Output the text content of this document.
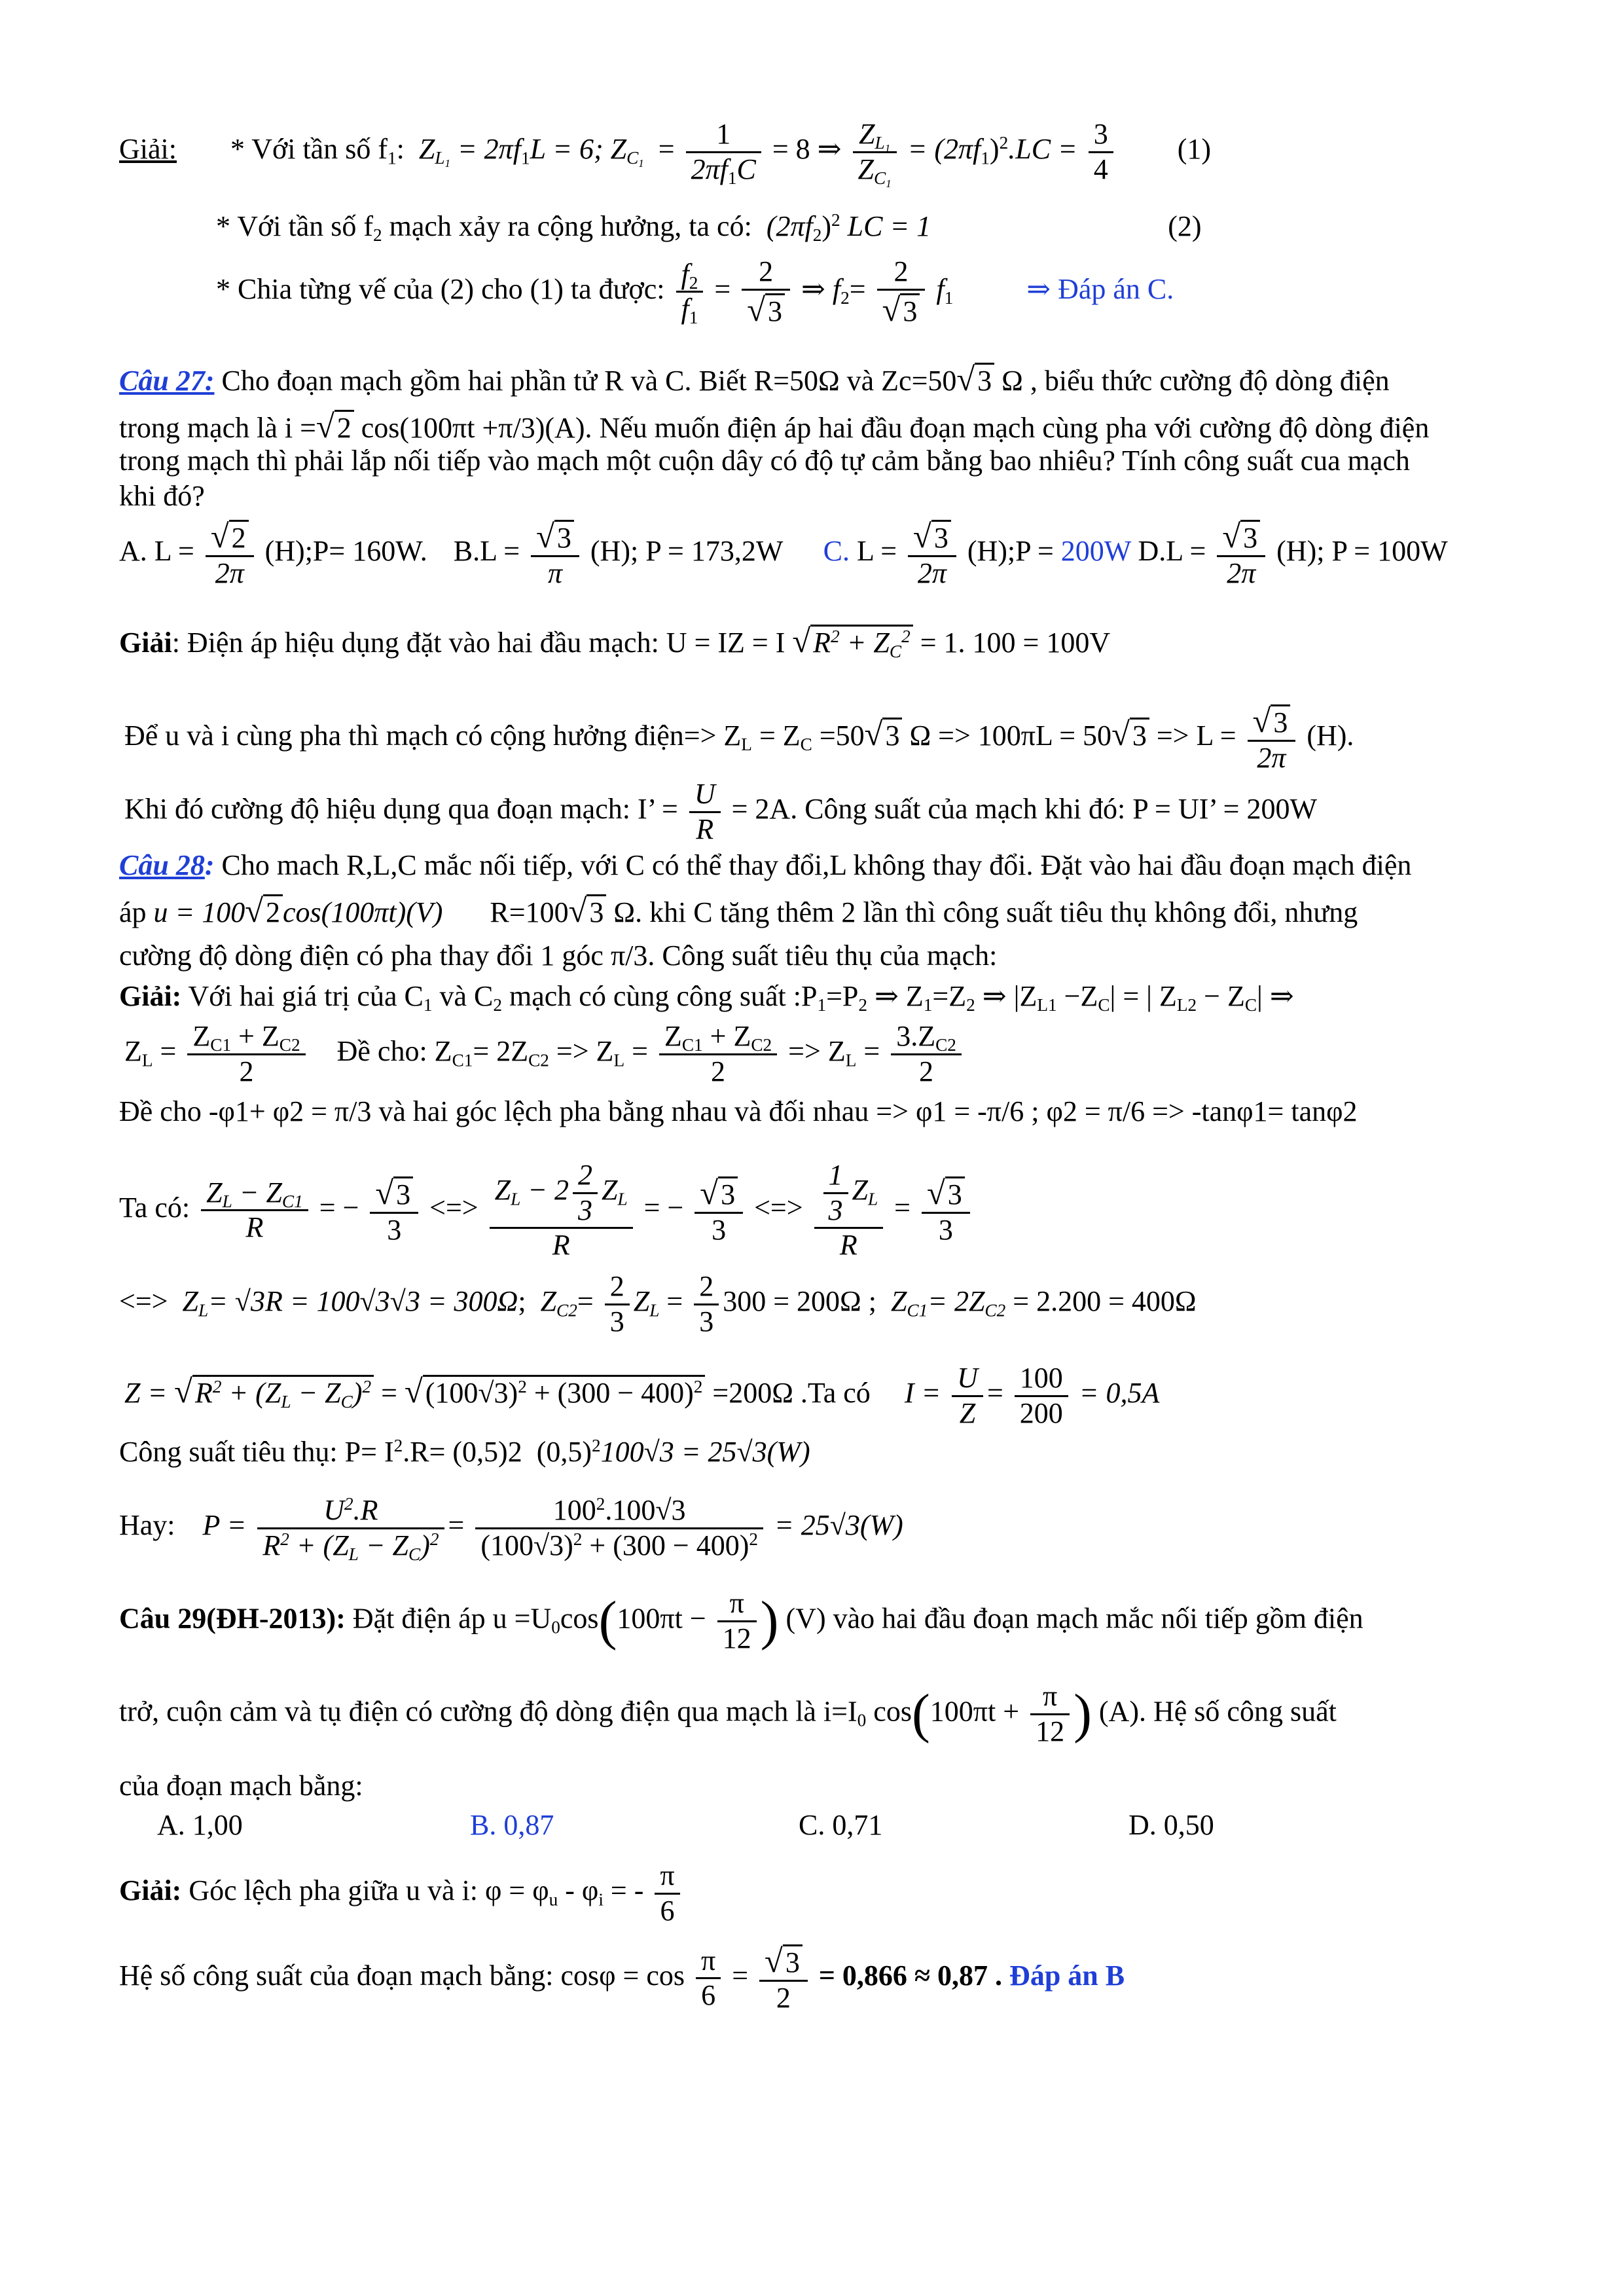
Giải: * Với tần số $f_1$:  $Z_{L_1} = 2\pi f_1L = 6$; $Z_{C_1} = \frac{1}{2\pi f_1C} = 8$ ⇒ $\frac{Z_{L_1}}{Z_{C_1}} = (2\pi f_1)^2.LC = \frac{3}{4} (1)$
* Với tần số $f_2$ mạch xảy ra cộng hưởng, ta có: $(2\pi f_2)^2$ LC = 1	(2)
* Chia từng vế của (2) cho (1) ta được: $\frac{f_2}{f_1} = \frac{2}{√3}$ ⇒ $f_2= \frac{2}{√3} f_1$	⇒ Đáp án C.
Câu 27: Cho đoạn mạch gồm hai phần tử R và C. Biết R=50Ω và Zc=50√3 Ω , biểu thức cường độ dòng điện
trong mạch là i =√2 cos(100πt +π/3)(A). Nếu muốn điện áp hai đầu đoạn mạch cùng pha với cường độ dòng điện
trong mạch thì phải lắp nối tiếp vào mạch một cuộn dây có độ tự cảm bằng bao nhiêu? Tính công suất cua mạch
khi đó?
A. $L = \frac{√2}{2\pi}$ (H);P= 160W. $B.L = \frac{√3}{\pi} (H)$; P = 173,2W C. $L = \frac{√3}{2\pi}$ (H);P = 200W $D.L = \frac{√3}{2\pi} (H)$; P = 100W
Giải: Điện áp hiệu dụng đặt vào hai đầu mạch: U = IZ = I $√R^2 + Z_C^2 = 1$. 100 = 100V
Để u và i cùng pha thì mạch có cộng hưởng điện=> $Z_L = Z_C =50√3$ $\Omega => 100\pi L = 50√3 => L = \frac{√3}{2\pi} (H)$.
Khi đó cường độ hiệu dụng qua đoạn mạch: I’ = $\frac{U}{R} = 2A$. Công suất của mạch khi đó: P = UI’ = 200W
Câu 28: Cho mach R,L,C mắc nối tiếp, với C có thể thay đổi,L không thay đổi. Đặt vào hai đầu đoạn mạch điện
áp u = 100√2cos(100πt)(V) R=100√3 Ω. khi C tăng thêm 2 lần thì công suất tiêu thụ không đổi, nhưng
cường độ dòng điện có pha thay đổi 1 góc π/3. Công suất tiêu thụ của mạch:
Giải: Với hai giá trị của $C_1$ và $C_2$ mạch có cùng công suất $:P_1=P_2$ ⇒ $Z_1=Z_2$ ⇒ $|Z_{L1} -Z_C|$ = | $Z_{L2} - Z_C|$ ⇒
$Z_L = \frac{Z_{C1} + Z_{C2}}{2}$ Đề cho: $Z_{C1}= 2Z_{C2} => Z_L = \frac{Z_{C1} + Z_{C2}}{2} => Z_L = \frac{3.Z_{C2}}{2}$
Đề cho -φ1+ φ2 = π/3 và hai góc lệch pha bằng nhau và đối nhau => φ1 = -π/6 ; φ2 = π/6 => -tanφ1= tanφ2
Ta có: $\frac{Z_L - Z_{C1}}{R}$ = − $\frac{√3}{3}$ <=> $\frac{Z_L - 2 \frac{2}{3} Z_L}{R}$ = − $\frac{√3}{3}$ <=> $\frac{\frac{1}{3} Z_L}{R} = \frac{√3}{3}$
<=>  $Z_L= √3R = 100√3√3 = 300\Omega$;  $Z_{C2}= \frac{2}{3} Z_L = \frac{2}{3} 300 = 200\Omega$ ;  $Z_{C1}= 2Z_{C2} = 2.200 = 400\Omega$
$Z = √R^2 + (Z_L - Z_C)^2 = √(100√3)^2 + (300 - 400)^2 =200\Omega$ .Ta có $I = \frac{U}{Z} = \frac{100}{200} = 0,5A$
Công suất tiêu thụ: $P= I^2.R= (0,5)2$ $(0,5)^2100√3 = 25√3(W)$
Hay: $P = \frac{U^2.R}{R^2 + (Z_L - Z_C)^2} = \frac{100^2.100√3}{(100√3)^2 + (300 - 400)^2} = 25√3(W)$
Câu 29(ĐH-2013): Đặt điện áp $u =U_0\cos(100\pi t - \frac{\pi}{12}$ ) (V) vào hai đầu đoạn mạch mắc nối tiếp gồm điện
trở, cuộn cảm và tụ điện có cường độ dòng điện qua mạch là $i=I_0$ $\cos(100\pi t + \frac{\pi}{12}$ ) (A). Hệ số công suất
của đoạn mạch bằng:
A. 1,00	B. 0,87	C. 0,71	D. 0,50
Giải: Góc lệch pha giữa u và i: $\varphi = \varphi_u - \varphi_i$ = - $\frac{\pi}{6}$
Hệ số công suất của đoạn mạch bằng: $\cos\varphi = \cos \frac{\pi}{6} = \frac{√3}{2} = 0,866 \approx 0,87$ . Đáp án B
